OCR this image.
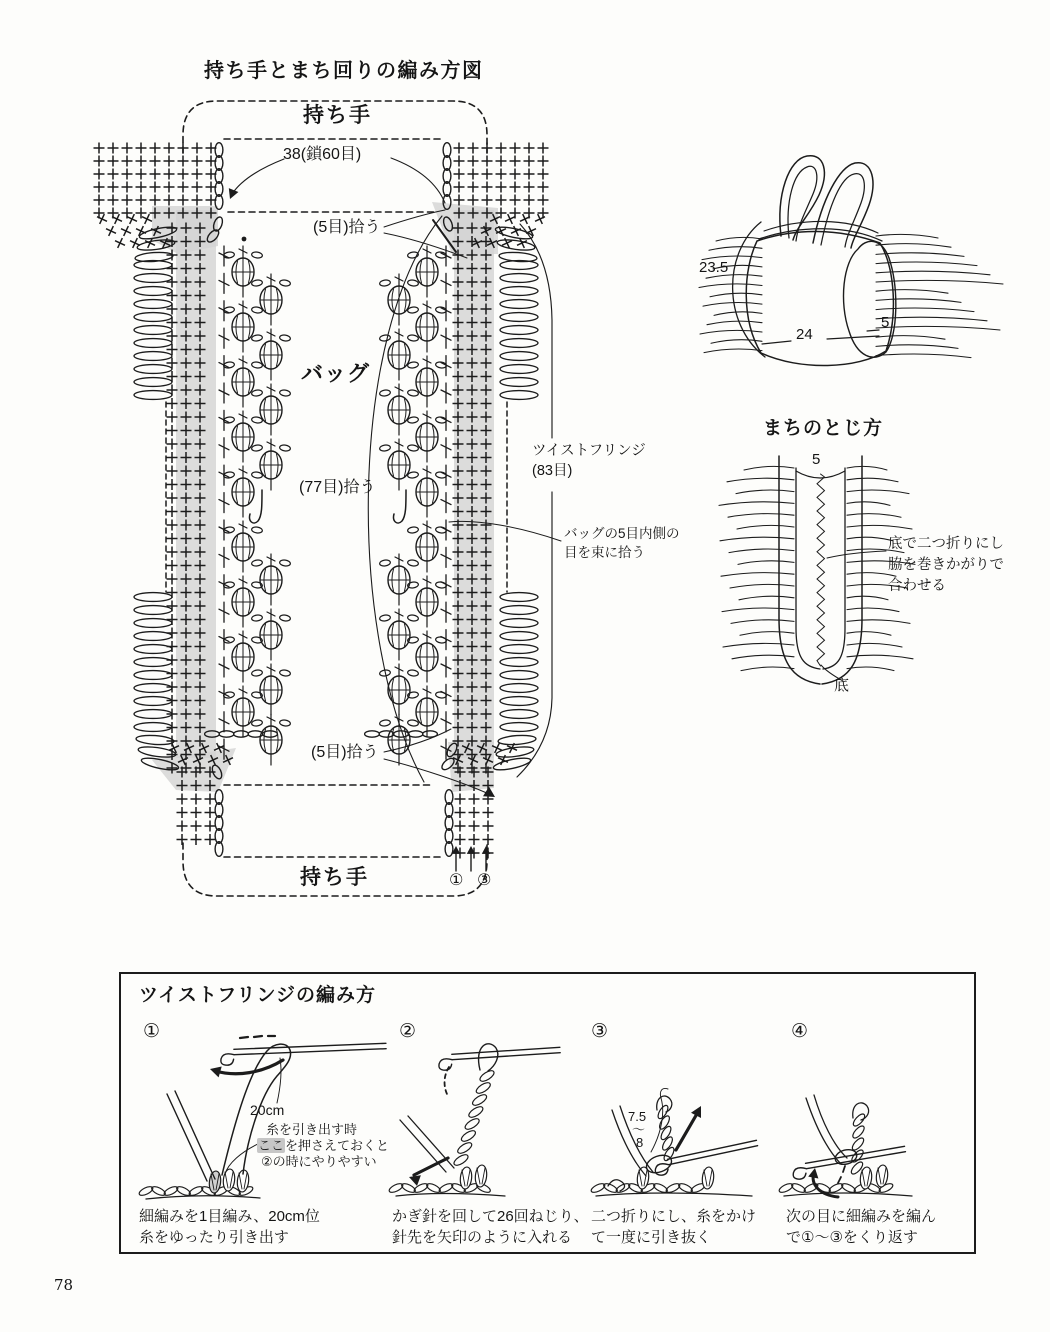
持ち手とまち回りの編み方図
持ち手
持ち手
バッグ
38(鎖60目)
(5目)拾う
(77目)拾う
(5目)拾う
ツイストフリンジ
(83目)
バッグの5目内側の
目を束に拾う
① ③
23.5
24
5
まちのとじ方
5
底で二つ折りにし
脇を巻きかがりで
合わせる
底
ツイストフリンジの編み方
①	②	③	④
20cm
糸を引き出す時
ここを押さえておくと
②の時にやりやすい
7.5
〜
8
細編みを1目編み、20cm位
糸をゆったり引き出す
かぎ針を回して26回ねじり、
針先を矢印のように入れる
二つ折りにし、糸をかけ
て一度に引き抜く
次の目に細編みを編ん
で①〜③をくり返す
78
